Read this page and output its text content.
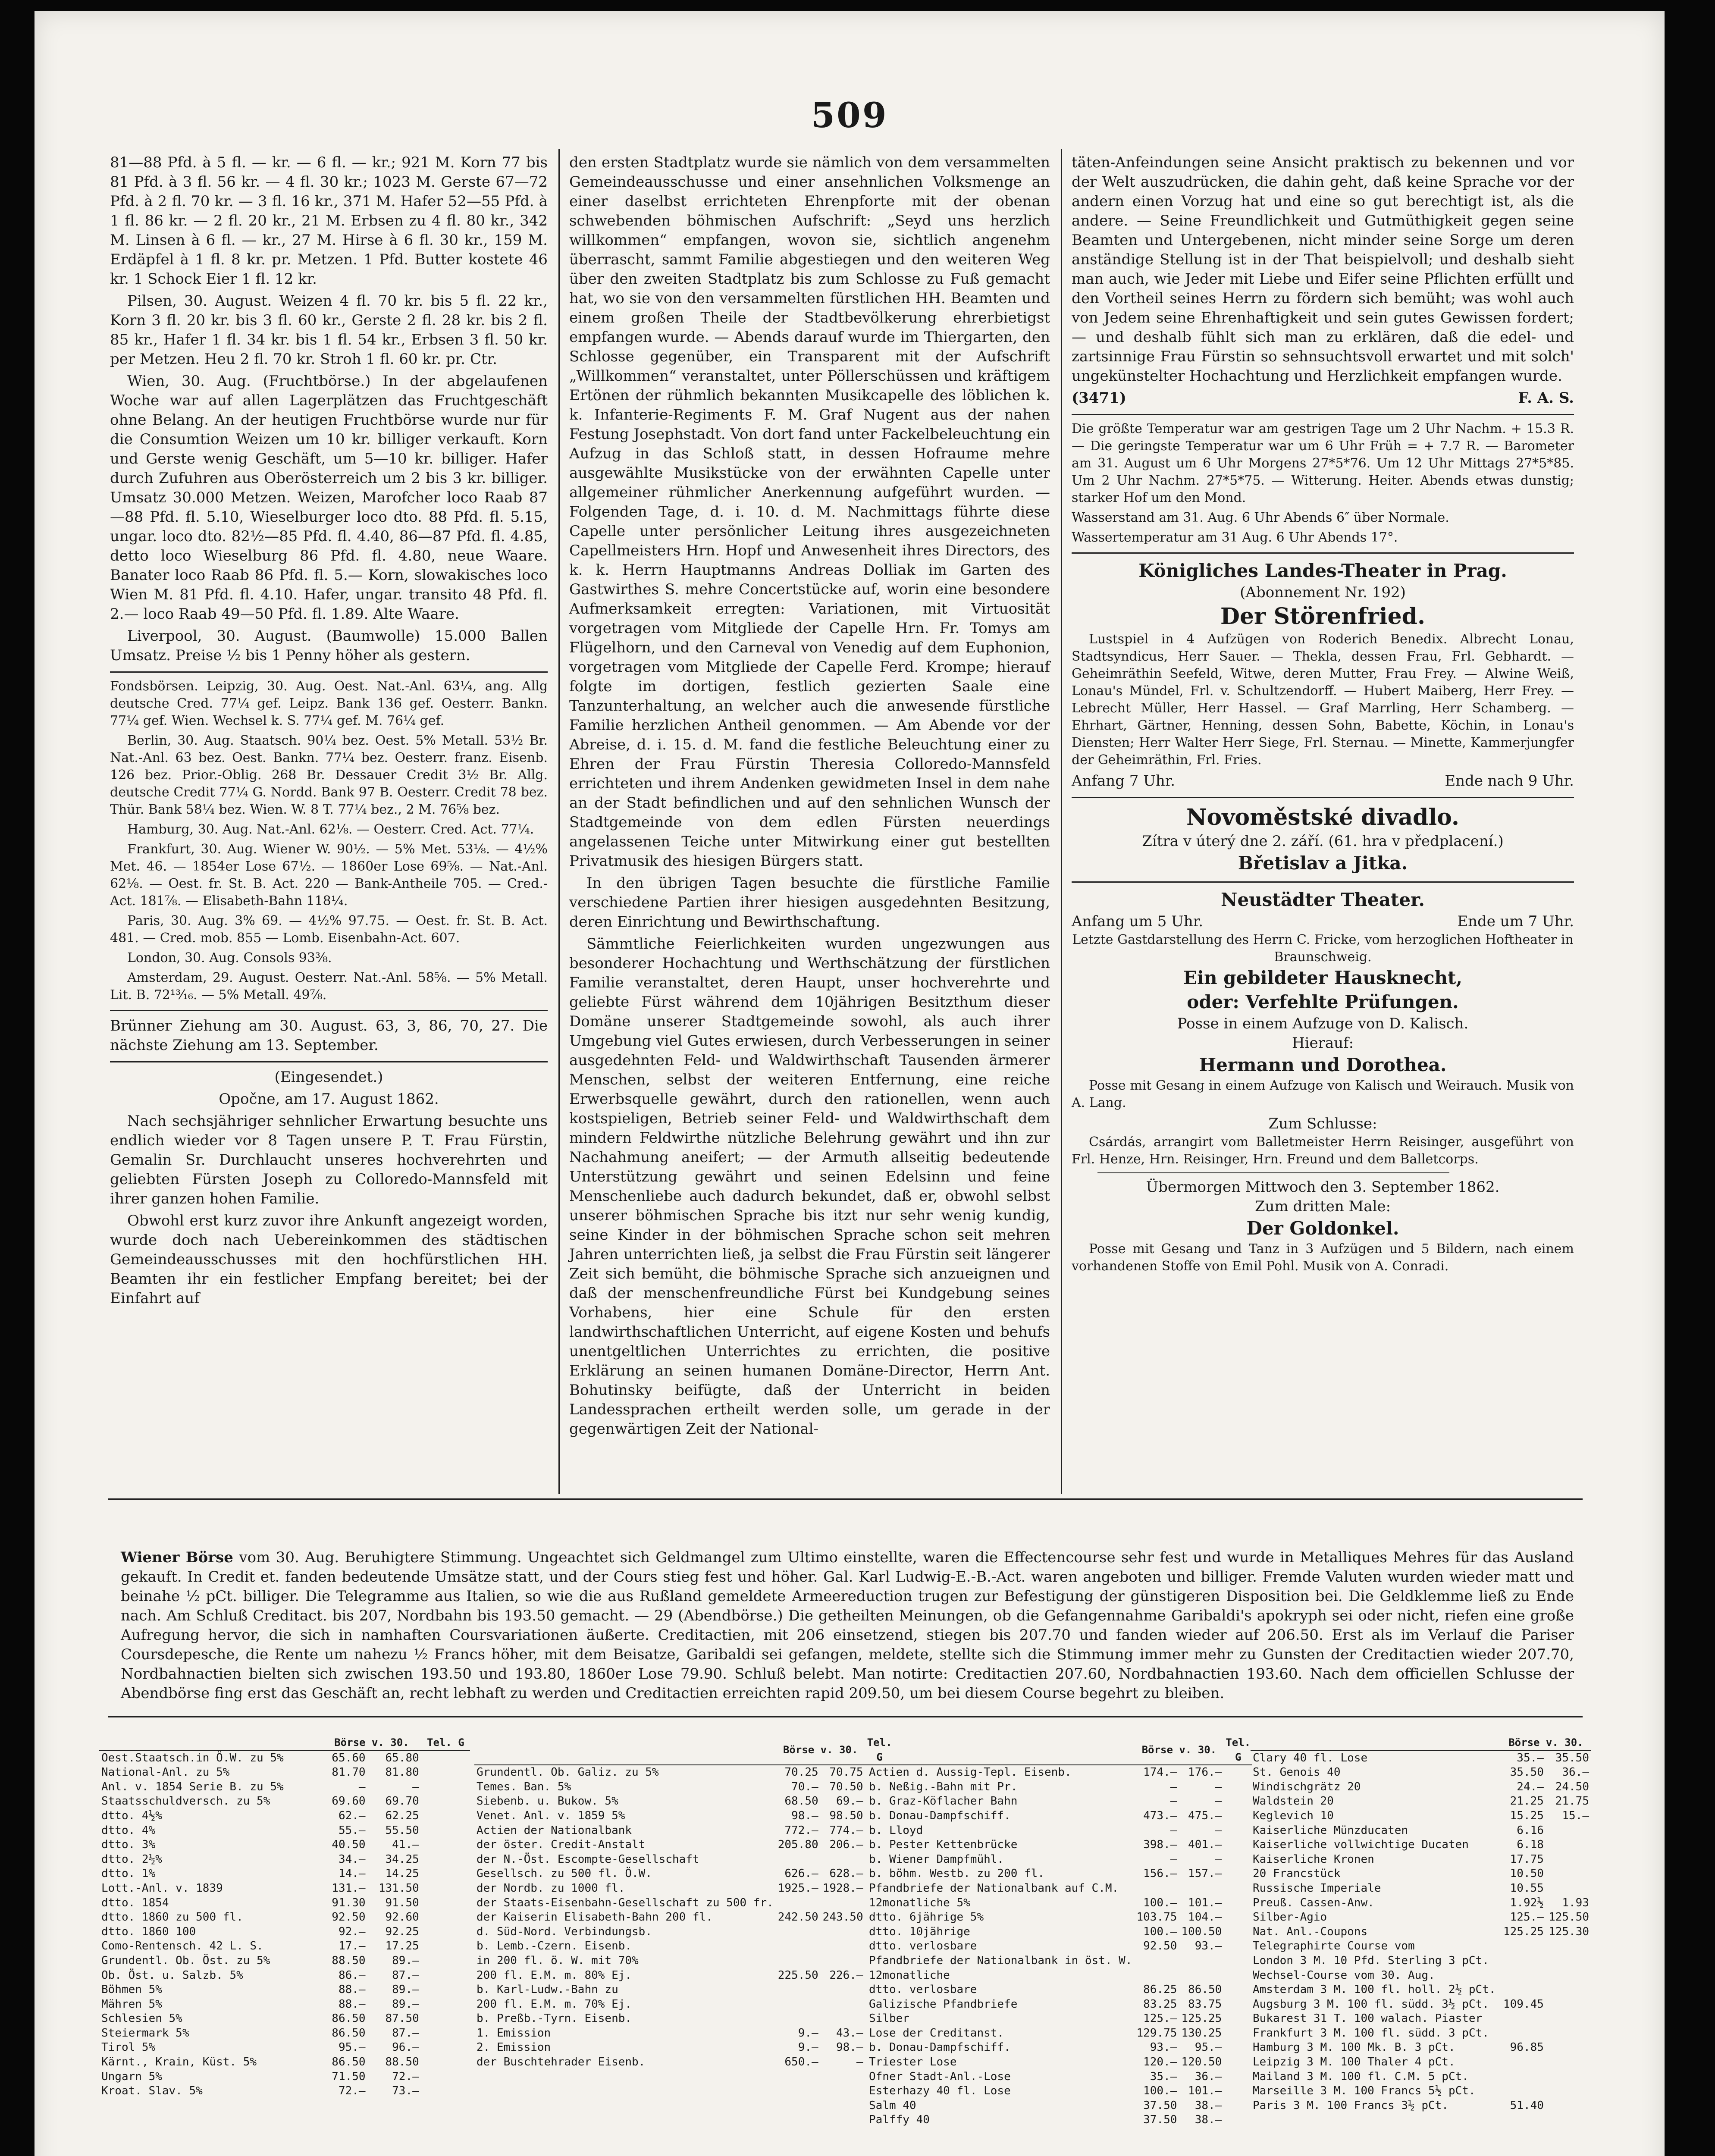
509

81—88 Pfd. à 5 fl. — kr. — 6 fl. — kr.; 921 M. Korn 77 bis 81 Pfd. à 3 fl. 56 kr. — 4 fl. 30 kr.; 1023 M. Gerste 67—72 Pfd. à 2 fl. 70 kr. — 3 fl. 16 kr., 371 M. Hafer 52—55 Pfd. à 1 fl. 86 kr. — 2 fl. 20 kr., 21 M. Erbsen zu 4 fl. 80 kr., 342 M. Linsen à 6 fl. — kr., 27 M. Hirse à 6 fl. 30 kr., 159 M. Erdäpfel à 1 fl. 8 kr. pr. Metzen. 1 Pfd. Butter kostete 46 kr. 1 Schock Eier 1 fl. 12 kr.

Pilsen, 30. August. Weizen 4 fl. 70 kr. bis 5 fl. 22 kr., Korn 3 fl. 20 kr. bis 3 fl. 60 kr., Gerste 2 fl. 28 kr. bis 2 fl. 85 kr., Hafer 1 fl. 34 kr. bis 1 fl. 54 kr., Erbsen 3 fl. 50 kr. per Metzen. Heu 2 fl. 70 kr. Stroh 1 fl. 60 kr. pr. Ctr.

Wien, 30. Aug. (Fruchtbörse.) In der abgelaufenen Woche war auf allen Lagerplätzen das Fruchtgeschäft ohne Belang. An der heutigen Fruchtbörse wurde nur für die Consumtion Weizen um 10 kr. billiger verkauft. Korn und Gerste wenig Geschäft, um 5—10 kr. billiger. Hafer durch Zufuhren aus Oberösterreich um 2 bis 3 kr. billiger. Umsatz 30.000 Metzen. Weizen, Marofcher loco Raab 87—88 Pfd. fl. 5.10, Wieselburger loco dto. 88 Pfd. fl. 5.15, ungar. loco dto. 82½—85 Pfd. fl. 4.40, 86—87 Pfd. fl. 4.85, detto loco Wieselburg 86 Pfd. fl. 4.80, neue Waare. Banater loco Raab 86 Pfd. fl. 5.— Korn, slowakisches loco Wien M. 81 Pfd. fl. 4.10. Hafer, ungar. transito 48 Pfd. fl. 2.— loco Raab 49—50 Pfd. fl. 1.89. Alte Waare.

Liverpool, 30. August. (Baumwolle) 15.000 Ballen Umsatz. Preise ½ bis 1 Penny höher als gestern.

Fondsbörsen. Leipzig, 30. Aug. Oest. Nat.-Anl. 63¼, ang. Allg deutsche Cred. 77¼ gef. Leipz. Bank 136 gef. Oesterr. Bankn. 77¼ gef. Wien. Wechsel k. S. 77¼ gef. M. 76¼ gef.

Berlin, 30. Aug. Staatsch. 90¼ bez. Oest. 5% Metall. 53½ Br. Nat.-Anl. 63 bez. Oest. Bankn. 77¼ bez. Oesterr. franz. Eisenb. 126 bez. Prior.-Oblig. 268 Br. Dessauer Credit 3½ Br. Allg. deutsche Credit 77¼ G. Nordd. Bank 97 B. Oesterr. Credit 78 bez. Thür. Bank 58¼ bez. Wien. W. 8 T. 77¼ bez., 2 M. 76⅝ bez.

Hamburg, 30. Aug. Nat.-Anl. 62⅛. — Oesterr. Cred. Act. 77¼.

Frankfurt, 30. Aug. Wiener W. 90½. — 5% Met. 53⅛. — 4½% Met. 46. — 1854er Lose 67½. — 1860er Lose 69⅝. — Nat.-Anl. 62⅛. — Oest. fr. St. B. Act. 220 — Bank-Antheile 705. — Cred.-Act. 181⅞. — Elisabeth-Bahn 118¼.

Paris, 30. Aug. 3% 69. — 4½% 97.75. — Oest. fr. St. B. Act. 481. — Cred. mob. 855 — Lomb. Eisenbahn-Act. 607.

London, 30. Aug. Consols 93⅜.

Amsterdam, 29. August. Oesterr. Nat.-Anl. 58⅝. — 5% Metall. Lit. B. 72¹³⁄₁₆. — 5% Metall. 49⅞.

Brünner Ziehung am 30. August. 63, 3, 86, 70, 27. Die nächste Ziehung am 13. September.

(Eingesendet.)

Opočne, am 17. August 1862.

Nach sechsjähriger sehnlicher Erwartung besuchte uns endlich wieder vor 8 Tagen unsere P. T. Frau Fürstin, Gemalin Sr. Durchlaucht unseres hochverehrten und geliebten Fürsten Joseph zu Colloredo-Mannsfeld mit ihrer ganzen hohen Familie.

Obwohl erst kurz zuvor ihre Ankunft angezeigt worden, wurde doch nach Uebereinkommen des städtischen Gemeindeausschusses mit den hochfürstlichen HH. Beamten ihr ein festlicher Empfang bereitet; bei der Einfahrt auf

den ersten Stadtplatz wurde sie nämlich von dem versammelten Gemeindeausschusse und einer ansehnlichen Volksmenge an einer daselbst errichteten Ehrenpforte mit der obenan schwebenden böhmischen Aufschrift: „Seyd uns herzlich willkommen“ empfangen, wovon sie, sichtlich angenehm überrascht, sammt Familie abgestiegen und den weiteren Weg über den zweiten Stadtplatz bis zum Schlosse zu Fuß gemacht hat, wo sie von den versammelten fürstlichen HH. Beamten und einem großen Theile der Stadtbevölkerung ehrerbietigst empfangen wurde. — Abends darauf wurde im Thiergarten, den Schlosse gegenüber, ein Transparent mit der Aufschrift „Willkommen“ veranstaltet, unter Pöllerschüssen und kräftigem Ertönen der rühmlich bekannten Musikcapelle des löblichen k. k. Infanterie-Regiments F. M. Graf Nugent aus der nahen Festung Josephstadt. Von dort fand unter Fackelbeleuchtung ein Aufzug in das Schloß statt, in dessen Hofraume mehre ausgewählte Musikstücke von der erwähnten Capelle unter allgemeiner rühmlicher Anerkennung aufgeführt wurden. — Folgenden Tage, d. i. 10. d. M. Nachmittags führte diese Capelle unter persönlicher Leitung ihres ausgezeichneten Capellmeisters Hrn. Hopf und Anwesenheit ihres Directors, des k. k. Herrn Hauptmanns Andreas Dolliak im Garten des Gastwirthes S. mehre Concertstücke auf, worin eine besondere Aufmerksamkeit erregten: Variationen, mit Virtuosität vorgetragen vom Mitgliede der Capelle Hrn. Fr. Tomys am Flügelhorn, und den Carneval von Venedig auf dem Euphonion, vorgetragen vom Mitgliede der Capelle Ferd. Krompe; hierauf folgte im dortigen, festlich gezierten Saale eine Tanzunterhaltung, an welcher auch die anwesende fürstliche Familie herzlichen Antheil genommen. — Am Abende vor der Abreise, d. i. 15. d. M. fand die festliche Beleuchtung einer zu Ehren der Frau Fürstin Theresia Colloredo-Mannsfeld errichteten und ihrem Andenken gewidmeten Insel in dem nahe an der Stadt befindlichen und auf den sehnlichen Wunsch der Stadtgemeinde von dem edlen Fürsten neuerdings angelassenen Teiche unter Mitwirkung einer gut bestellten Privatmusik des hiesigen Bürgers statt.

In den übrigen Tagen besuchte die fürstliche Familie verschiedene Partien ihrer hiesigen ausgedehnten Besitzung, deren Einrichtung und Bewirthschaftung.

Sämmtliche Feierlichkeiten wurden ungezwungen aus besonderer Hochachtung und Werthschätzung der fürstlichen Familie veranstaltet, deren Haupt, unser hochverehrte und geliebte Fürst während dem 10jährigen Besitzthum dieser Domäne unserer Stadtgemeinde sowohl, als auch ihrer Umgebung viel Gutes erwiesen, durch Verbesserungen in seiner ausgedehnten Feld- und Waldwirthschaft Tausenden ärmerer Menschen, selbst der weiteren Entfernung, eine reiche Erwerbsquelle gewährt, durch den rationellen, wenn auch kostspieligen, Betrieb seiner Feld- und Waldwirthschaft dem mindern Feldwirthe nützliche Belehrung gewährt und ihn zur Nachahmung aneifert; — der Armuth allseitig bedeutende Unterstützung gewährt und seinen Edelsinn und feine Menschenliebe auch dadurch bekundet, daß er, obwohl selbst unserer böhmischen Sprache bis itzt nur sehr wenig kundig, seine Kinder in der böhmischen Sprache schon seit mehren Jahren unterrichten ließ, ja selbst die Frau Fürstin seit längerer Zeit sich bemüht, die böhmische Sprache sich anzueignen und daß der menschenfreundliche Fürst bei Kundgebung seines Vorhabens, hier eine Schule für den ersten landwirthschaftlichen Unterricht, auf eigene Kosten und behufs unentgeltlichen Unterrichtes zu errichten, die positive Erklärung an seinen humanen Domäne-Director, Herrn Ant. Bohutinsky beifügte, daß der Unterricht in beiden Landessprachen ertheilt werden solle, um gerade in der gegenwärtigen Zeit der National-

täten-Anfeindungen seine Ansicht praktisch zu bekennen und vor der Welt auszudrücken, die dahin geht, daß keine Sprache vor der andern einen Vorzug hat und eine so gut berechtigt ist, als die andere. — Seine Freundlichkeit und Gutmüthigkeit gegen seine Beamten und Untergebenen, nicht minder seine Sorge um deren anständige Stellung ist in der That beispielvoll; und deshalb sieht man auch, wie Jeder mit Liebe und Eifer seine Pflichten erfüllt und den Vortheil seines Herrn zu fördern sich bemüht; was wohl auch von Jedem seine Ehrenhaftigkeit und sein gutes Gewissen fordert; — und deshalb fühlt sich man zu erklären, daß die edel- und zartsinnige Frau Fürstin so sehnsuchtsvoll erwartet und mit solch' ungekünstelter Hochachtung und Herzlichkeit empfangen wurde.

(3471)	F. A. S.

Die größte Temperatur war am gestrigen Tage um 2 Uhr Nachm. + 15.3 R. — Die geringste Temperatur war um 6 Uhr Früh = + 7.7 R. — Barometer am 31. August um 6 Uhr Morgens 27*5*76. Um 12 Uhr Mittags 27*5*85. Um 2 Uhr Nachm. 27*5*75. — Witterung. Heiter. Abends etwas dunstig; starker Hof um den Mond.

Wasserstand am 31. Aug. 6 Uhr Abends 6″ über Normale.

Wassertemperatur am 31 Aug. 6 Uhr Abends 17°.

Königliches Landes-Theater in Prag.
(Abonnement Nr. 192)
Der Störenfried.

Lustspiel in 4 Aufzügen von Roderich Benedix. Albrecht Lonau, Stadtsyndicus, Herr Sauer. — Thekla, dessen Frau, Frl. Gebhardt. — Geheimräthin Seefeld, Witwe, deren Mutter, Frau Frey. — Alwine Weiß, Lonau's Mündel, Frl. v. Schultzendorff. — Hubert Maiberg, Herr Frey. — Lebrecht Müller, Herr Hassel. — Graf Marrling, Herr Schamberg. — Ehrhart, Gärtner, Henning, dessen Sohn, Babette, Köchin, in Lonau's Diensten; Herr Walter Herr Siege, Frl. Sternau. — Minette, Kammerjungfer der Geheimräthin, Frl. Fries.

Anfang 7 Uhr.	Ende nach 9 Uhr.
Novoměstské divadlo.
Zítra v úterý dne 2. září. (61. hra v předplacení.)
Břetislav a Jitka.
Neustädter Theater.
Anfang um 5 Uhr.	Ende um 7 Uhr.
Letzte Gastdarstellung des Herrn C. Fricke, vom herzoglichen Hoftheater in Braunschweig.
Ein gebildeter Hausknecht,
oder: Verfehlte Prüfungen.
Posse in einem Aufzuge von D. Kalisch.
Hierauf:
Hermann und Dorothea.

Posse mit Gesang in einem Aufzuge von Kalisch und Weirauch. Musik von A. Lang.

Zum Schlusse:

Csárdás, arrangirt vom Balletmeister Herrn Reisinger, ausgeführt von Frl. Henze, Hrn. Reisinger, Hrn. Freund und dem Balletcorps.

Übermorgen Mittwoch den 3. September 1862.
Zum dritten Male:
Der Goldonkel.

Posse mit Gesang und Tanz in 3 Aufzügen und 5 Bildern, nach einem vorhandenen Stoffe von Emil Pohl. Musik von A. Conradi.

Wiener Börse vom 30. Aug. Beruhigtere Stimmung. Ungeachtet sich Geldmangel zum Ultimo einstellte, waren die Effectencourse sehr fest und wurde in Metalliques Mehres für das Ausland gekauft. In Credit et. fanden bedeutende Umsätze statt, und der Cours stieg fest und höher. Gal. Karl Ludwig-E.-B.-Act. waren angeboten und billiger. Fremde Valuten wurden wieder matt und beinahe ½ pCt. billiger. Die Telegramme aus Italien, so wie die aus Rußland gemeldete Armeereduction trugen zur Befestigung der günstigeren Disposition bei. Die Geldklemme ließ zu Ende nach. Am Schluß Creditact. bis 207, Nordbahn bis 193.50 gemacht. — 29 (Abendbörse.) Die getheilten Meinungen, ob die Gefangennahme Garibaldi's apokryph sei oder nicht, riefen eine große Aufregung hervor, die sich in namhaften Coursvariationen äußerte. Creditactien, mit 206 einsetzend, stiegen bis 207.70 und fanden wieder auf 206.50. Erst als im Verlauf die Pariser Coursdepesche, die Rente um nahezu ½ Francs höher, mit dem Beisatze, Garibaldi sei gefangen, meldete, stellte sich die Stimmung immer mehr zu Gunsten der Creditactien wieder 207.70, Nordbahnactien bielten sich zwischen 193.50 und 193.80, 1860er Lose 79.90. Schluß belebt. Man notirte: Creditactien 207.60, Nordbahnactien 193.60. Nach dem officiellen Schlusse der Abendbörse fing erst das Geschäft an, recht lebhaft zu werden und Creditactien erreichten rapid 209.50, um bei diesem Course begehrt zu bleiben.
	Börse v. 30.		Tel. G
Oest.Staatsch.in Ö.W. zu 5%	65.60	65.80	
National-Anl. zu 5%	81.70	81.80	
Anl. v. 1854 Serie B. zu 5%	—	—	
Staatsschuldversch. zu 5%	69.60	69.70	
dtto. 4½%	62.—	62.25	
dtto. 4%	55.—	55.50	
dtto. 3%	40.50	41.—	
dtto. 2½%	34.—	34.25	
dtto. 1%	14.—	14.25	
Lott.-Anl. v. 1839	131.—	131.50	
dtto. 1854	91.30	91.50	
dtto. 1860 zu 500 fl.	92.50	92.60	
dtto. 1860 100	92.—	92.25	
Como-Rentensch. 42 L. S.	17.—	17.25	

Grundentl. Ob. Öst. zu 5%	88.50	89.—	
Ob. Öst. u. Salzb. 5%	86.—	87.—	
Böhmen 5%	88.—	89.—	
Mähren 5%	88.—	89.—	
Schlesien 5%	86.50	87.50	
Steiermark 5%	86.50	87.—	
Tirol 5%	95.—	96.—	
Kärnt., Krain, Küst. 5%	86.50	88.50	
Ungarn 5%	71.50	72.—	
Kroat. Slav. 5%	72.—	73.—	
	Börse v. 30.		Tel. G
Grundentl. Ob. Galiz. zu 5%	70.25	70.75	
Temes. Ban. 5%	70.—	70.50	
Siebenb. u. Bukow. 5%	68.50	69.—	
Venet. Anl. v. 1859 5%	98.—	98.50	

Actien der Nationalbank	772.—	774.—	
der öster. Credit-Anstalt	205.80	206.—	
der N.-Öst. Escompte-Gesellschaft			
Gesellsch. zu 500 fl. Ö.W.	626.—	628.—	
der Nordb. zu 1000 fl.	1925.—	1928.—	
der Staats-Eisenbahn-Gesellschaft zu 500 fr.			
der Kaiserin Elisabeth-Bahn 200 fl.	242.50	243.50	
d. Süd-Nord. Verbindungsb.			
b. Lemb.-Czern. Eisenb.			
in 200 fl. ö. W. mit 70%			
200 fl. E.M. m. 80% Ej.	225.50	226.—	
b. Karl-Ludw.-Bahn zu			
200 fl. E.M. m. 70% Ej.			
b. Preßb.-Tyrn. Eisenb.			
1. Emission	9.—	43.—	
2. Emission	9.—	98.—	
der Buschtehrader Eisenb.	650.—	—	
	Börse v. 30.		Tel. G
Actien d. Aussig-Tepl. Eisenb.	174.—	176.—	
b. Neßig.-Bahn mit Pr.	—	—	
b. Graz-Köflacher Bahn	—	—	
b. Donau-Dampfschiff.	473.—	475.—	
b. Lloyd	—	—	
b. Pester Kettenbrücke	398.—	401.—	
b. Wiener Dampfmühl.	—	—	
b. böhm. Westb. zu 200 fl.	156.—	157.—	
Pfandbriefe der Nationalbank auf C.M.			
12monatliche 5%	100.—	101.—	
dtto. 6jährige 5%	103.75	104.—	
dtto. 10jährige	100.—	100.50	
dtto. verlosbare	92.50	93.—	
Pfandbriefe der Nationalbank in öst. W.			
12monatliche			
dtto. verlosbare	86.25	86.50	
Galizische Pfandbriefe	83.25	83.75	
Silber	125.—	125.25	

Lose der Creditanst.	129.75	130.25	
b. Donau-Dampfschiff.	93.—	95.—	
Triester Lose	120.—	120.50	
Ofner Stadt-Anl.-Lose	35.—	36.—	
Esterhazy 40 fl. Lose	100.—	101.—	
Salm 40	37.50	38.—	
Palffy 40	37.50	38.—	
	Börse v. 30.	
Clary 40 fl. Lose	35.—	35.50
St. Genois 40	35.50	36.—
Windischgrätz 20	24.—	24.50
Waldstein 20	21.25	21.75
Keglevich 10	15.25	15.—
Kaiserliche Münzducaten	6.16	
Kaiserliche vollwichtige Ducaten	6.18	
Kaiserliche Kronen	17.75	
20 Francstück	10.50	
Russische Imperiale	10.55	
Preuß. Cassen-Anw.	1.92½	1.93
Silber-Agio	125.—	125.50
Nat. Anl.-Coupons	125.25	125.30
Telegraphirte Course vom		
London 3 M. 10 Pfd. Sterling 3 pCt.		
Wechsel-Course vom 30. Aug.		
Amsterdam 3 M. 100 fl. holl. 2½ pCt.		
Augsburg 3 M. 100 fl. südd. 3½ pCt.	109.45	
Bukarest 31 T. 100 walach. Piaster		
Frankfurt 3 M. 100 fl. südd. 3 pCt.		
Hamburg 3 M. 100 Mk. B. 3 pCt.	96.85	
Leipzig 3 M. 100 Thaler 4 pCt.		
Mailand 3 M. 100 fl. C.M. 5 pCt.		
Marseille 3 M. 100 Francs 5½ pCt.		
Paris 3 M. 100 Francs 3½ pCt.	51.40	
